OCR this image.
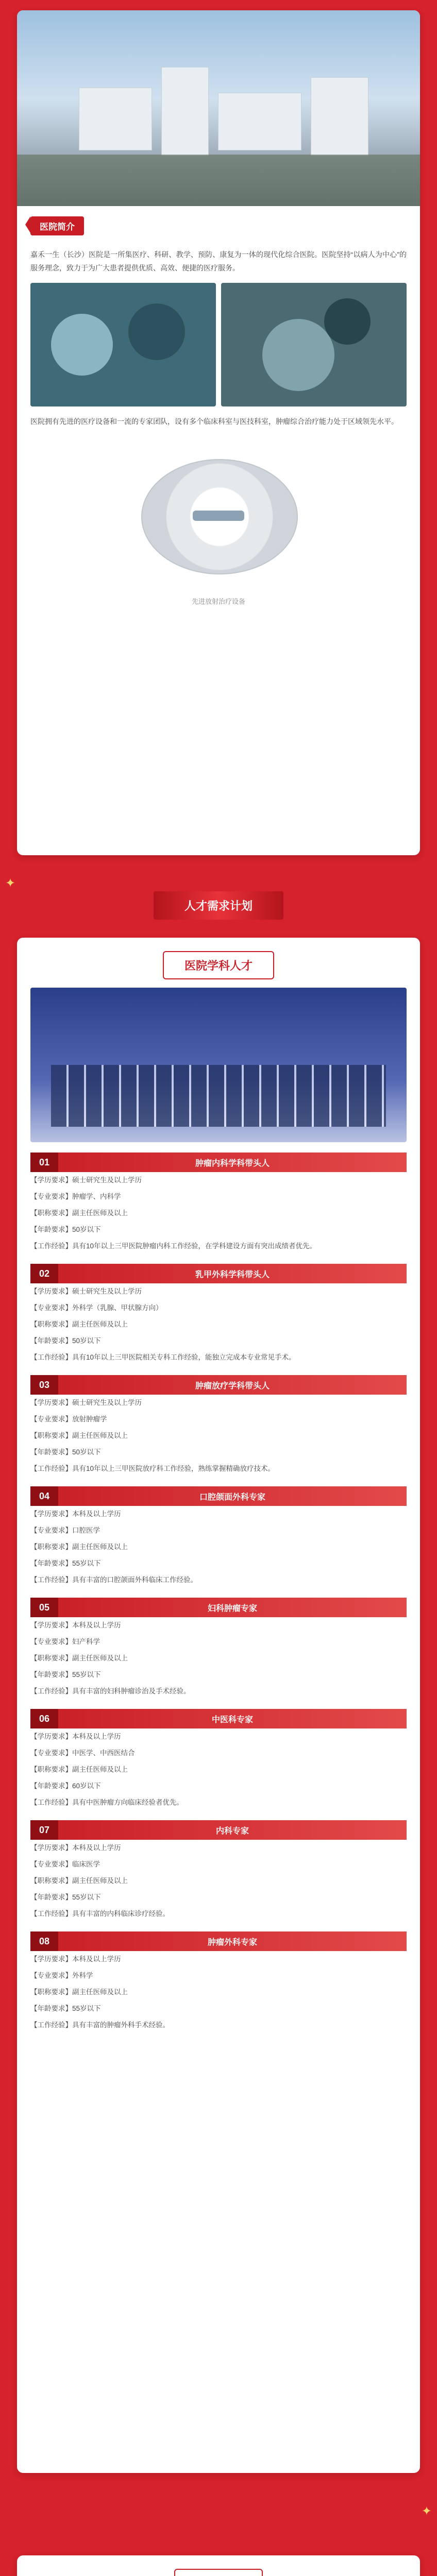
医院简介

嘉禾一生（长沙）医院是一所集医疗、科研、教学、预防、康复为一体的现代化综合医院。医院坚持“以病人为中心”的服务理念，致力于为广大患者提供优质、高效、便捷的医疗服务。

医院拥有先进的医疗设备和一流的专家团队，设有多个临床科室与医技科室，肿瘤综合治疗能力处于区域领先水平。

先进放射治疗设备
人才需求计划
医院学科人才
01	肿瘤内科学科带头人
【学历要求】硕士研究生及以上学历
【专业要求】肿瘤学、内科学
【职称要求】副主任医师及以上
【年龄要求】50岁以下
【工作经验】具有10年以上三甲医院肿瘤内科工作经验，在学科建设方面有突出成绩者优先。
02	乳甲外科学科带头人
【学历要求】硕士研究生及以上学历
【专业要求】外科学（乳腺、甲状腺方向）
【职称要求】副主任医师及以上
【年龄要求】50岁以下
【工作经验】具有10年以上三甲医院相关专科工作经验，能独立完成本专业常见手术。
03	肿瘤放疗学科带头人
【学历要求】硕士研究生及以上学历
【专业要求】放射肿瘤学
【职称要求】副主任医师及以上
【年龄要求】50岁以下
【工作经验】具有10年以上三甲医院放疗科工作经验，熟练掌握精确放疗技术。
04	口腔颌面外科专家
【学历要求】本科及以上学历
【专业要求】口腔医学
【职称要求】副主任医师及以上
【年龄要求】55岁以下
【工作经验】具有丰富的口腔颌面外科临床工作经验。
05	妇科肿瘤专家
【学历要求】本科及以上学历
【专业要求】妇产科学
【职称要求】副主任医师及以上
【年龄要求】55岁以下
【工作经验】具有丰富的妇科肿瘤诊治及手术经验。
06	中医科专家
【学历要求】本科及以上学历
【专业要求】中医学、中西医结合
【职称要求】副主任医师及以上
【年龄要求】60岁以下
【工作经验】具有中医肿瘤方向临床经验者优先。
07	内科专家
【学历要求】本科及以上学历
【专业要求】临床医学
【职称要求】副主任医师及以上
【年龄要求】55岁以下
【工作经验】具有丰富的内科临床诊疗经验。
08	肿瘤外科专家
【学历要求】本科及以上学历
【专业要求】外科学
【职称要求】副主任医师及以上
【年龄要求】55岁以下
【工作经验】具有丰富的肿瘤外科手术经验。
✦
✦
